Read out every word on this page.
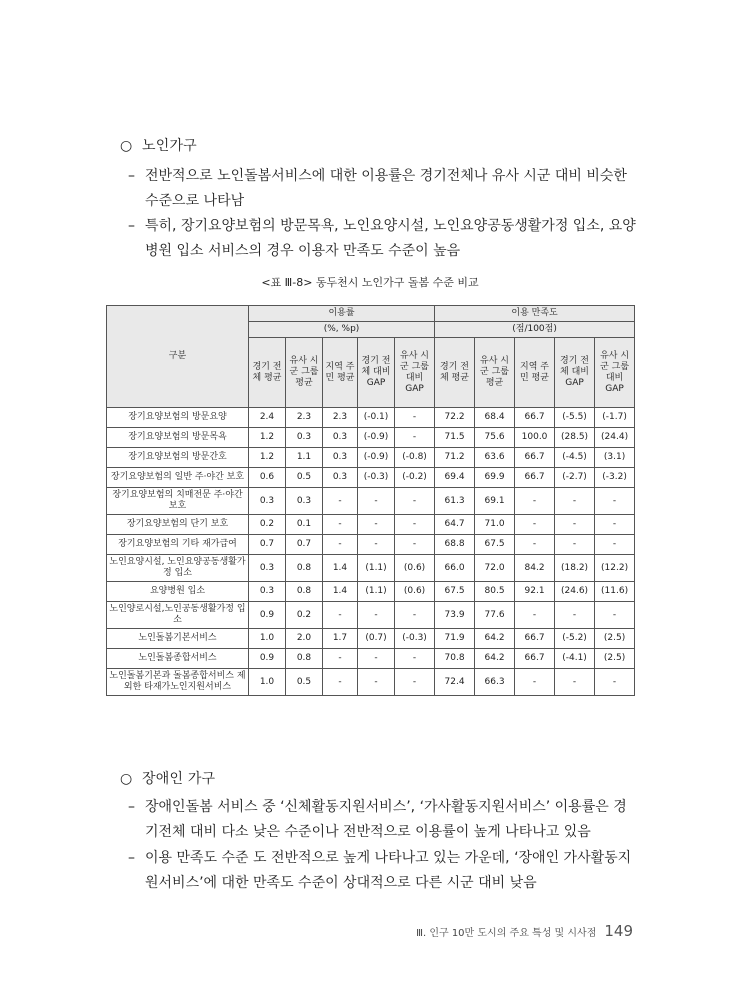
○ 노인가구
– 전반적으로 노인돌봄서비스에 대한 이용률은 경기전체나 유사 시군 대비 비슷한 수준으로 나타남
– 특히, 장기요양보험의 방문목욕, 노인요양시설, 노인요양공동생활가정 입소, 요양병원 입소 서비스의 경우 이용자 만족도 수준이 높음
<표 Ⅲ-8> 동두천시 노인가구 돌봄 수준 비교
구분	이용률					이용 만족도				
	(%, %p)					(점/100점)				
	경기 전체 평균	유사 시군 그룹 평균	지역 주민 평균	경기 전체 대비 GAP	유사 시군 그룹 대비 GAP	경기 전체 평균	유사 시군 그룹 평균	지역 주민 평균	경기 전체 대비 GAP	유사 시군 그룹 대비 GAP
장기요양보험의 방문요양	2.4	2.3	2.3	(-0.1)	-	72.2	68.4	66.7	(-5.5)	(-1.7)
장기요양보험의 방문목욕	1.2	0.3	0.3	(-0.9)	-	71.5	75.6	100.0	(28.5)	(24.4)
장기요양보험의 방문간호	1.2	1.1	0.3	(-0.9)	(-0.8)	71.2	63.6	66.7	(-4.5)	(3.1)
장기요양보험의 일반 주·야간 보호	0.6	0.5	0.3	(-0.3)	(-0.2)	69.4	69.9	66.7	(-2.7)	(-3.2)
장기요양보험의 치매전문 주·야간 보호	0.3	0.3	-	-	-	61.3	69.1	-	-	-
장기요양보험의 단기 보호	0.2	0.1	-	-	-	64.7	71.0	-	-	-
장기요양보험의 기타 재가급여	0.7	0.7	-	-	-	68.8	67.5	-	-	-
노인요양시설, 노인요양공동생활가정 입소	0.3	0.8	1.4	(1.1)	(0.6)	66.0	72.0	84.2	(18.2)	(12.2)
요양병원 입소	0.3	0.8	1.4	(1.1)	(0.6)	67.5	80.5	92.1	(24.6)	(11.6)
노인양로시설,노인공동생활가정 입소	0.9	0.2	-	-	-	73.9	77.6	-	-	-
노인돌봄기본서비스	1.0	2.0	1.7	(0.7)	(-0.3)	71.9	64.2	66.7	(-5.2)	(2.5)
노인돌봄종합서비스	0.9	0.8	-	-	-	70.8	64.2	66.7	(-4.1)	(2.5)
노인돌봄기본과 돌봄종합서비스 제외한 타재가노인지원서비스	1.0	0.5	-	-	-	72.4	66.3	-	-	-
○ 장애인 가구
– 장애인돌봄 서비스 중 ‘신체활동지원서비스’, ‘가사활동지원서비스’ 이용률은 경기전체 대비 다소 낮은 수준이나 전반적으로 이용률이 높게 나타나고 있음
– 이용 만족도 수준 도 전반적으로 높게 나타나고 있는 가운데, ‘장애인 가사활동지원서비스’에 대한 만족도 수준이 상대적으로 다른 시군 대비 낮음
Ⅲ. 인구 10만 도시의 주요 특성 및 시사점 149
